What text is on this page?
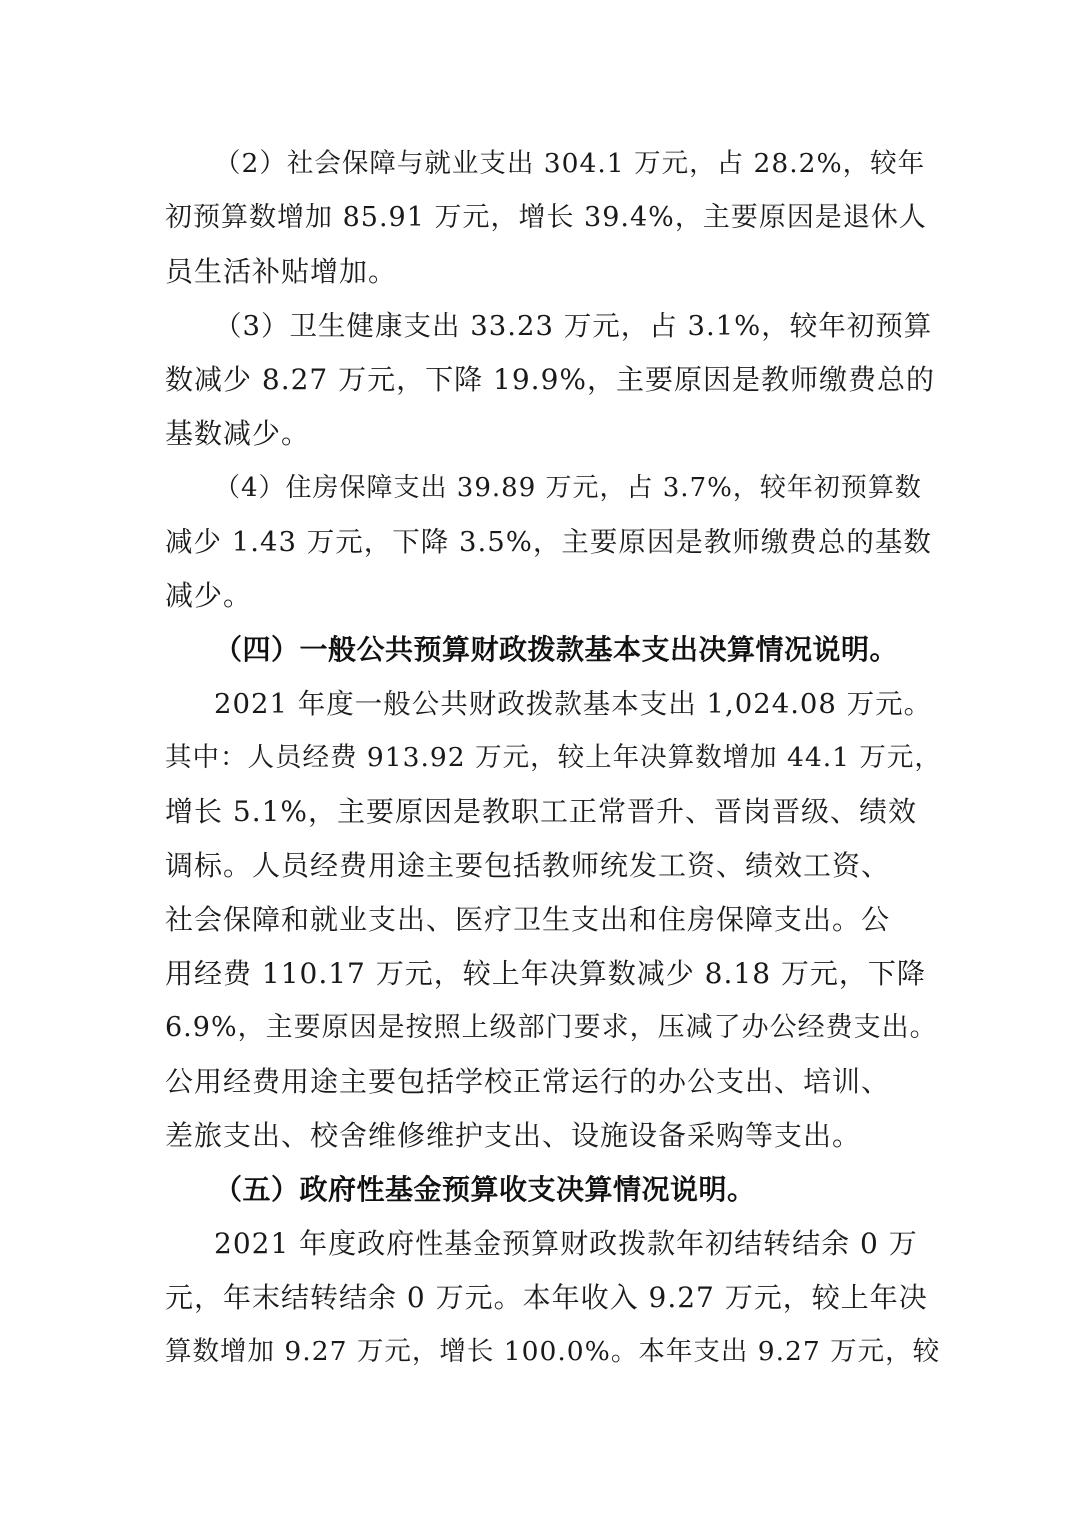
（2）社会保障与就业支出 304.1 万元，占 28.2%，较年
初预算数增加 85.91 万元，增长 39.4%，主要原因是退休人
员生活补贴增加。
（3）卫生健康支出 33.23 万元，占 3.1%，较年初预算
数减少 8.27 万元，下降 19.9%，主要原因是教师缴费总的
基数减少。
（4）住房保障支出 39.89 万元，占 3.7%，较年初预算数
减少 1.43 万元，下降 3.5%，主要原因是教师缴费总的基数
减少。
（四）一般公共预算财政拨款基本支出决算情况说明。
2021 年度一般公共财政拨款基本支出 1,024.08 万元。
其中：人员经费 913.92 万元，较上年决算数增加 44.1 万元，
增长 5.1%，主要原因是教职工正常晋升、晋岗晋级、绩效
调标。人员经费用途主要包括教师统发工资、绩效工资、
社会保障和就业支出、医疗卫生支出和住房保障支出。公
用经费 110.17 万元，较上年决算数减少 8.18 万元，下降
6.9%，主要原因是按照上级部门要求，压减了办公经费支出。
公用经费用途主要包括学校正常运行的办公支出、培训、
差旅支出、校舍维修维护支出、设施设备采购等支出。
（五）政府性基金预算收支决算情况说明。
2021 年度政府性基金预算财政拨款年初结转结余 0 万
元，年末结转结余 0 万元。本年收入 9.27 万元，较上年决
算数增加 9.27 万元，增长 100.0%。本年支出 9.27 万元，较
